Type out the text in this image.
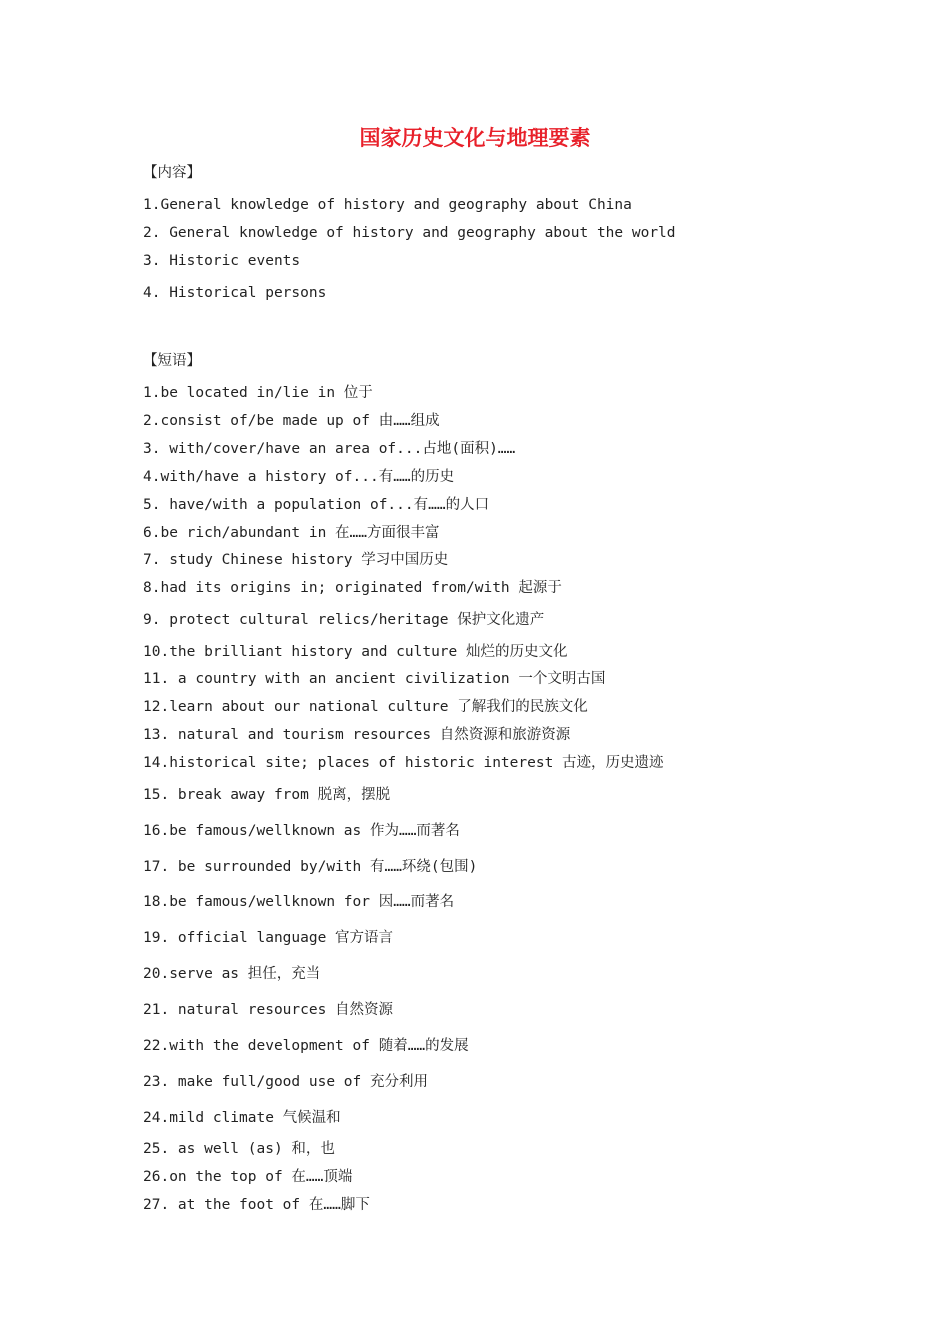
国家历史文化与地理要素
【内容】
1.General knowledge of history and geography about China
2. General knowledge of history and geography about the world
3. Historic events
4. Historical persons
【短语】
1.be located in/lie in 位于
2.consist of/be made up of 由……组成
3. with/cover/have an area of...占地(面积)……
4.with/have a history of...有……的历史
5. have/with a population of...有……的人口
6.be rich/abundant in 在……方面很丰富
7. study Chinese history 学习中国历史
8.had its origins in; originated from/with 起源于
9. protect cultural relics/heritage 保护文化遗产
10.the brilliant history and culture 灿烂的历史文化
11. a country with an ancient civilization 一个文明古国
12.learn about our national culture 了解我们的民族文化
13. natural and tourism resources 自然资源和旅游资源
14.historical site; places of historic interest 古迹，历史遗迹
15. break away from 脱离，摆脱
16.be famous/wellknown as 作为……而著名
17. be surrounded by/with 有……环绕(包围)
18.be famous/wellknown for 因……而著名
19. official language 官方语言
20.serve as 担任，充当
21. natural resources 自然资源
22.with the development of 随着……的发展
23. make full/good use of 充分利用
24.mild climate 气候温和
25. as well (as) 和，也
26.on the top of 在……顶端
27. at the foot of 在……脚下
